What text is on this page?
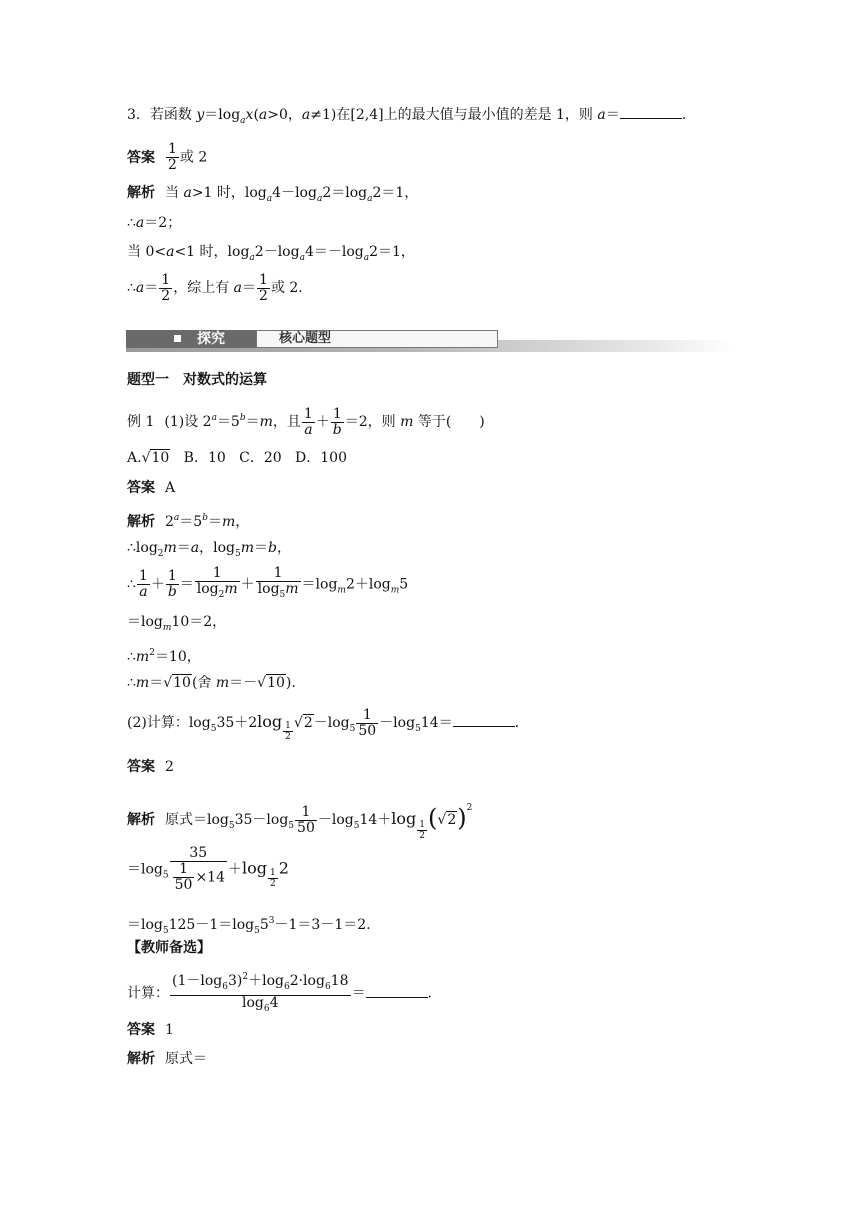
3．若函数 $y=\log_ax(a>0$，a≠1)在[2,4]上的最大值与最小值的差是 1，则 a＝	.
答案 $\frac{1}{2}$ 或 2
解析 当 a>1 时，$\log_a4-\log_a2=\log_a2=1$，
∴a＝2；
当 0<a<1 时，$\log_a2-\log_a4=-\log_a2=1$，
∴a＝ $\frac{1}{2}$ ，综上有 $a= \frac{1}{2}$ 或 2.
探究	核心题型
题型一　对数式的运算
例 1 (1)设 $2^a=5^b=m$，且 $\frac{1}{a}+ \frac{1}{b}=2$，则 m 等于(　　)
A.√10 B．10 C．20 D．100
答案 A
解析 $2^a=5^b=m$，
$\therefore\log_2m=a$，$\log_5m=b$，
∴ $\frac{1}{a}+ \frac{1}{b}= \frac{1}{\log_2m} + \frac{1}{\log_5m} =\log_m2+\log_m5$
$=\log_m10=2$，
$\therefore m^2=10$，
∴m＝√10(舍 m＝－√10).
(2)计算：$\log_535+2\log \frac{1}{2} √2-\log_5 \frac{1}{50} -\log_514=$	.
答案 2
解析 原式$=\log_535-\log_5 \frac{1}{50} -\log_514+\log$
$\frac{1}{2} (√2)^2$
$=\log_5 \frac{35}{\frac{1}{50} \times 14} +\log \frac{1}{2} 2$
$=\log_5125-1=\log_55^3-1=3-1=2$.
【教师备选】
计算： $\frac{(1-\log_63)^2+\log_62\cdot\log_618}{\log_64}$ ＝	.
答案 1
解析 原式＝
